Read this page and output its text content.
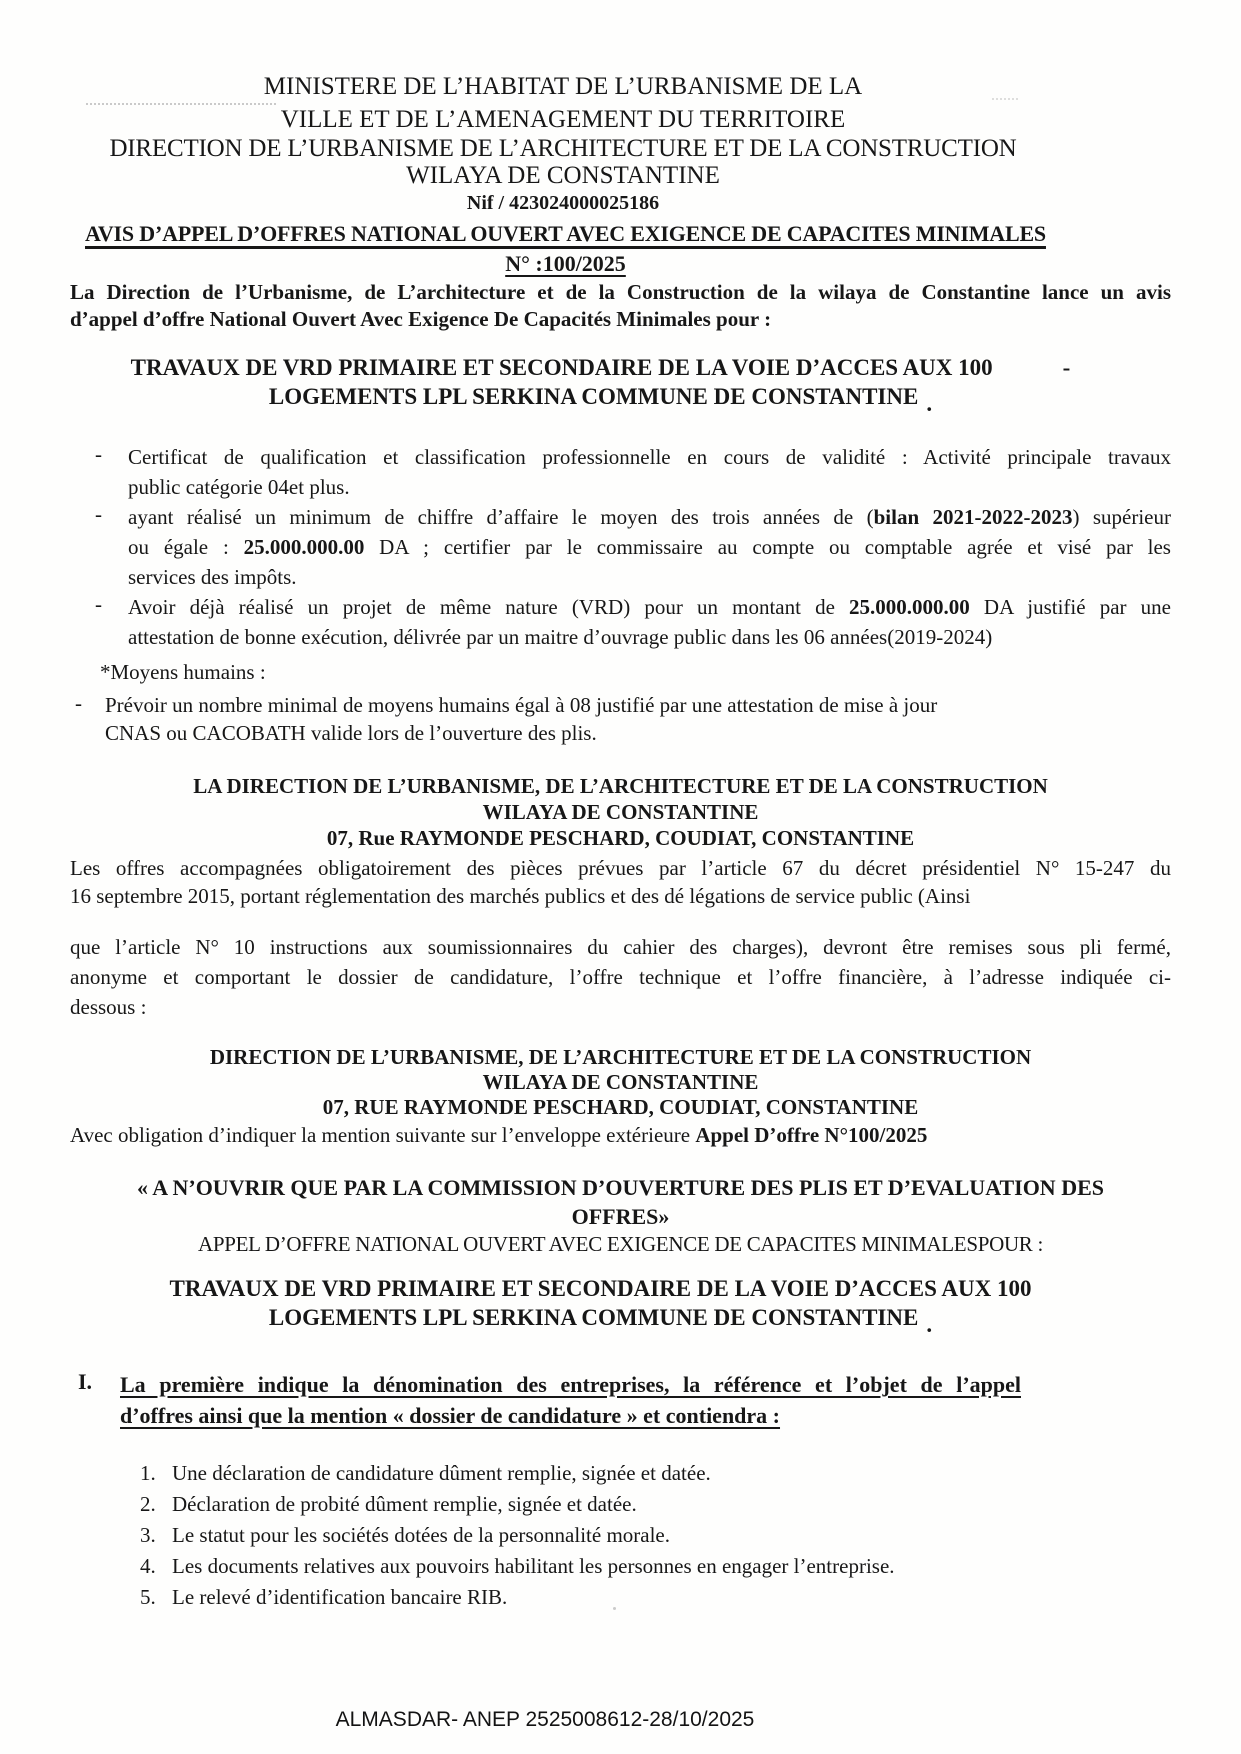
MINISTERE DE L’HABITAT DE L’URBANISME DE LA
VILLE ET DE L’AMENAGEMENT DU TERRITOIRE
DIRECTION DE L’URBANISME DE L’ARCHITECTURE ET DE LA CONSTRUCTION
WILAYA DE CONSTANTINE
Nif / 423024000025186
AVIS D’APPEL D’OFFRES NATIONAL OUVERT AVEC EXIGENCE DE CAPACITES MINIMALES
N° :100/2025
La Direction de l’Urbanisme, de L’architecture et de la Construction de la wilaya de Constantine lance un avis
d’appel d’offre National Ouvert Avec Exigence De Capacités Minimales pour :
TRAVAUX DE VRD PRIMAIRE ET SECONDAIRE DE LA VOIE D’ACCES AUX 100	-
LOGEMENTS LPL SERKINA COMMUNE DE CONSTANTINE .
-	Certificat de qualification et classification professionnelle en cours de validité : Activité principale travaux
public catégorie 04et plus.
-	ayant réalisé un minimum de chiffre d’affaire le moyen des trois années de (bilan 2021-2022-2023) supérieur
ou égale : 25.000.000.00 DA ; certifier par le commissaire au compte ou comptable agrée et visé par les
services des impôts.
-	Avoir déjà réalisé un projet de même nature (VRD) pour un montant de 25.000.000.00 DA justifié par une
attestation de bonne exécution, délivrée par un maitre d’ouvrage public dans les 06 années(2019-2024)
*Moyens humains :
-	Prévoir un nombre minimal de moyens humains égal à 08 justifié par une attestation de mise à jour
CNAS ou CACOBATH valide lors de l’ouverture des plis.
LA DIRECTION DE L’URBANISME, DE L’ARCHITECTURE ET DE LA CONSTRUCTION
WILAYA DE CONSTANTINE
07, Rue RAYMONDE PESCHARD, COUDIAT, CONSTANTINE
Les offres accompagnées obligatoirement des pièces prévues par l’article 67 du décret présidentiel N° 15-247 du
16 septembre 2015, portant réglementation des marchés publics et des dé légations de service public (Ainsi
que l’article N° 10 instructions aux soumissionnaires du cahier des charges), devront être remises sous pli fermé,
anonyme et comportant le dossier de candidature, l’offre technique et l’offre financière, à l’adresse indiquée ci-
dessous :
DIRECTION DE L’URBANISME, DE L’ARCHITECTURE ET DE LA CONSTRUCTION
WILAYA DE CONSTANTINE
07, RUE RAYMONDE PESCHARD, COUDIAT, CONSTANTINE
Avec obligation d’indiquer la mention suivante sur l’enveloppe extérieure Appel D’offre N°100/2025
« A N’OUVRIR QUE PAR LA COMMISSION D’OUVERTURE DES PLIS ET D’EVALUATION DES
OFFRES»
APPEL D’OFFRE NATIONAL OUVERT AVEC EXIGENCE DE CAPACITES MINIMALESPOUR :
TRAVAUX DE VRD PRIMAIRE ET SECONDAIRE DE LA VOIE D’ACCES AUX 100
LOGEMENTS LPL SERKINA COMMUNE DE CONSTANTINE .
I.	La première indique la dénomination des entreprises, la référence et l’objet de l’appel
d’offres ainsi que la mention « dossier de candidature » et contiendra :
1. Une déclaration de candidature dûment remplie, signée et datée.
2. Déclaration de probité dûment remplie, signée et datée.
3. Le statut pour les sociétés dotées de la personnalité morale.
4. Les documents relatives aux pouvoirs habilitant les personnes en engager l’entreprise.
5. Le relevé d’identification bancaire RIB.
ALMASDAR- ANEP 2525008612-28/10/2025
